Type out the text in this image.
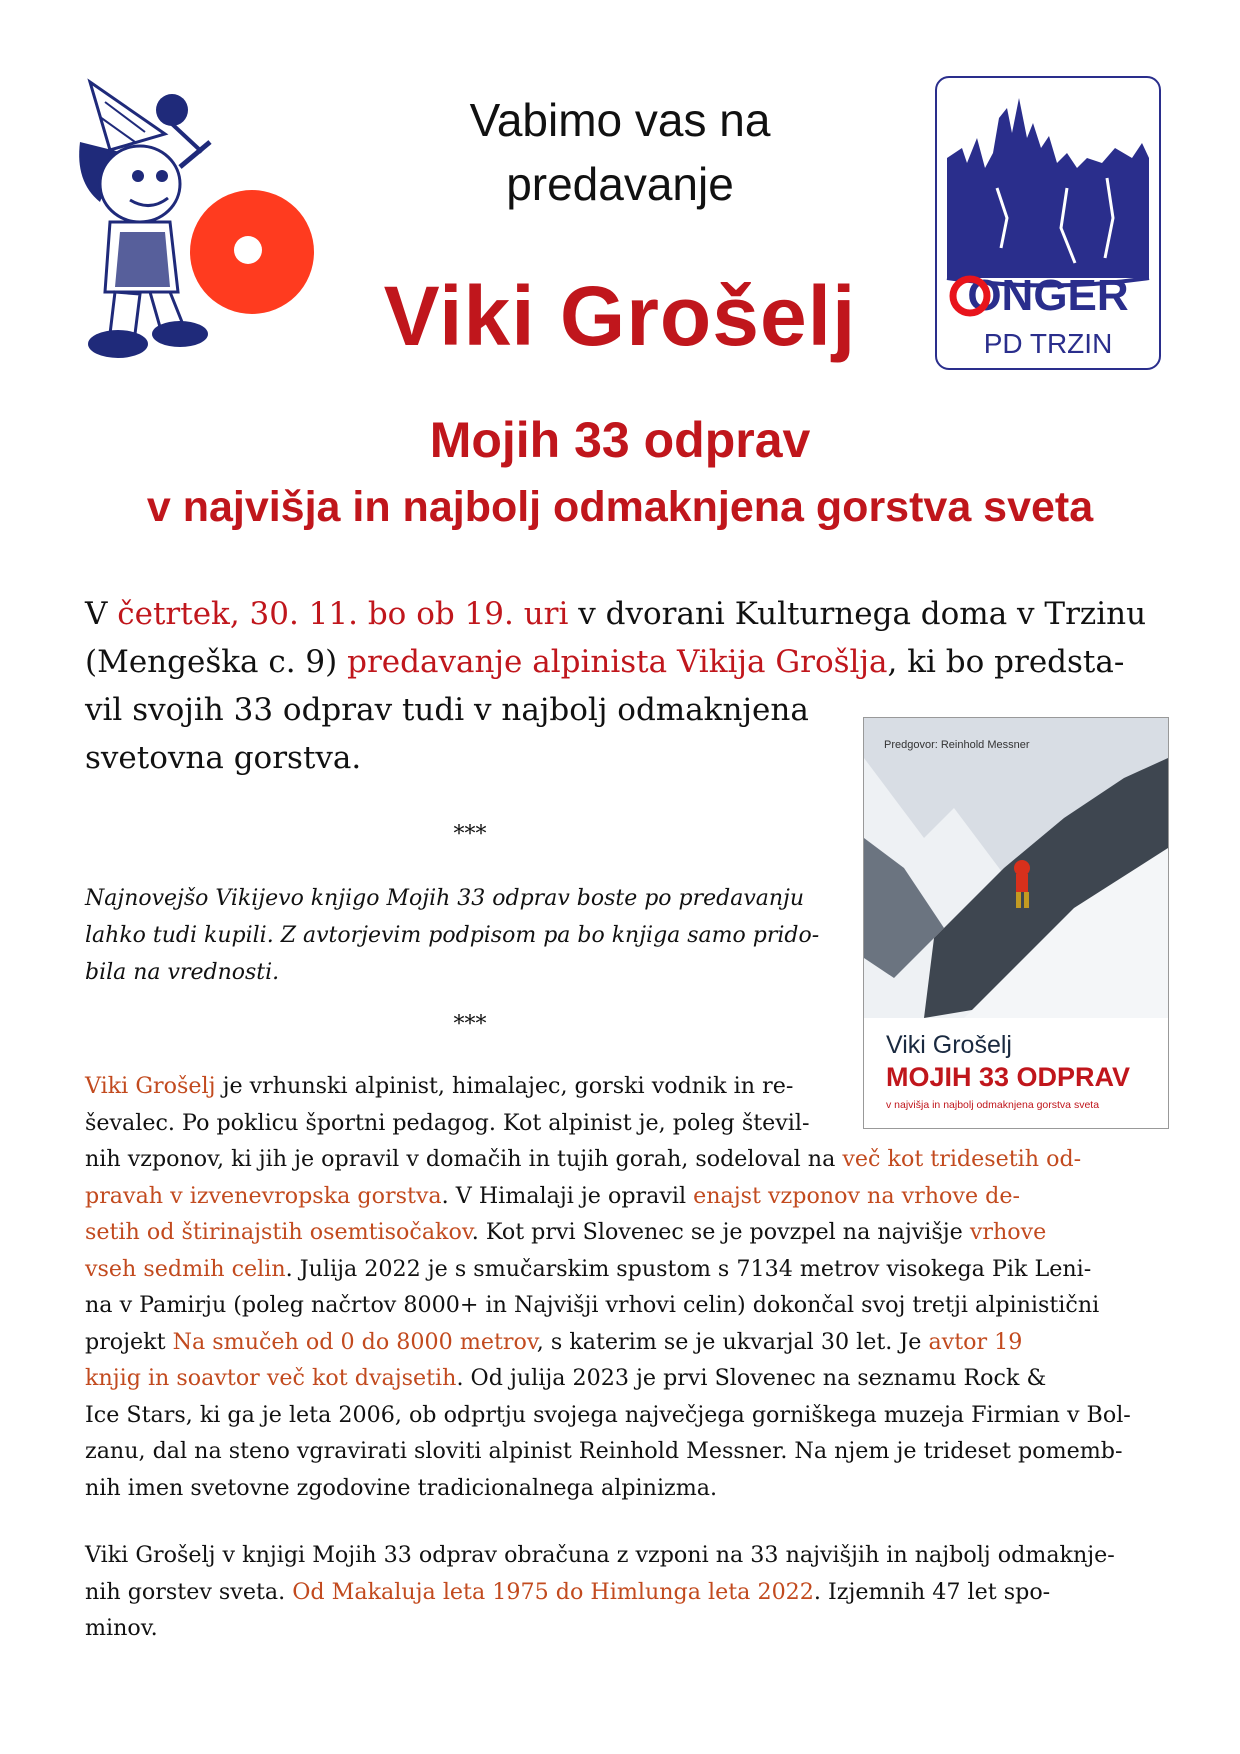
Vabimo vas na
predavanje
Viki Grošelj	ONGER
PD TRZIN
Mojih 33 odprav
v najvišja in najbolj odmaknjena gorstva sveta
V četrtek, 30. 11. bo ob 19. uri v dvorani Kulturnega doma v Trzinu
(Mengeška c. 9) predavanje alpinista Vikija Grošlja, ki bo predsta-
vil svojih 33 odprav tudi v najbolj odmaknjena
svetovna gorstva.	Predgovor: Reinhold Messner
Viki Grošelj
MOJIH 33 ODPRAV
v najvišja in najbolj odmaknjena gorstva sveta
***
Najnovejšo Vikijevo knjigo Mojih 33 odprav boste po predavanju
lahko tudi kupili. Z avtorjevim podpisom pa bo knjiga samo prido-
bila na vrednosti.
***
Viki Grošelj je vrhunski alpinist, himalajec, gorski vodnik in re-
ševalec. Po poklicu športni pedagog. Kot alpinist je, poleg števil-
nih vzponov, ki jih je opravil v domačih in tujih gorah, sodeloval na več kot tridesetih od-
pravah v izvenevropska gorstva. V Himalaji je opravil enajst vzponov na vrhove de-
setih od štirinajstih osemtisočakov. Kot prvi Slovenec se je povzpel na najvišje vrhove
vseh sedmih celin. Julija 2022 je s smučarskim spustom s 7134 metrov visokega Pik Leni-
na v Pamirju (poleg načrtov 8000+ in Najvišji vrhovi celin) dokončal svoj tretji alpinistični
projekt Na smučeh od 0 do 8000 metrov, s katerim se je ukvarjal 30 let. Je avtor 19
knjig in soavtor več kot dvajsetih. Od julija 2023 je prvi Slovenec na seznamu Rock &
Ice Stars, ki ga je leta 2006, ob odprtju svojega največjega gorniškega muzeja Firmian v Bol-
zanu, dal na steno vgravirati sloviti alpinist Reinhold Messner. Na njem je trideset pomemb-
nih imen svetovne zgodovine tradicionalnega alpinizma.
Viki Grošelj v knjigi Mojih 33 odprav obračuna z vzponi na 33 najvišjih in najbolj odmaknje-
nih gorstev sveta. Od Makaluja leta 1975 do Himlunga leta 2022. Izjemnih 47 let spo-
minov.
